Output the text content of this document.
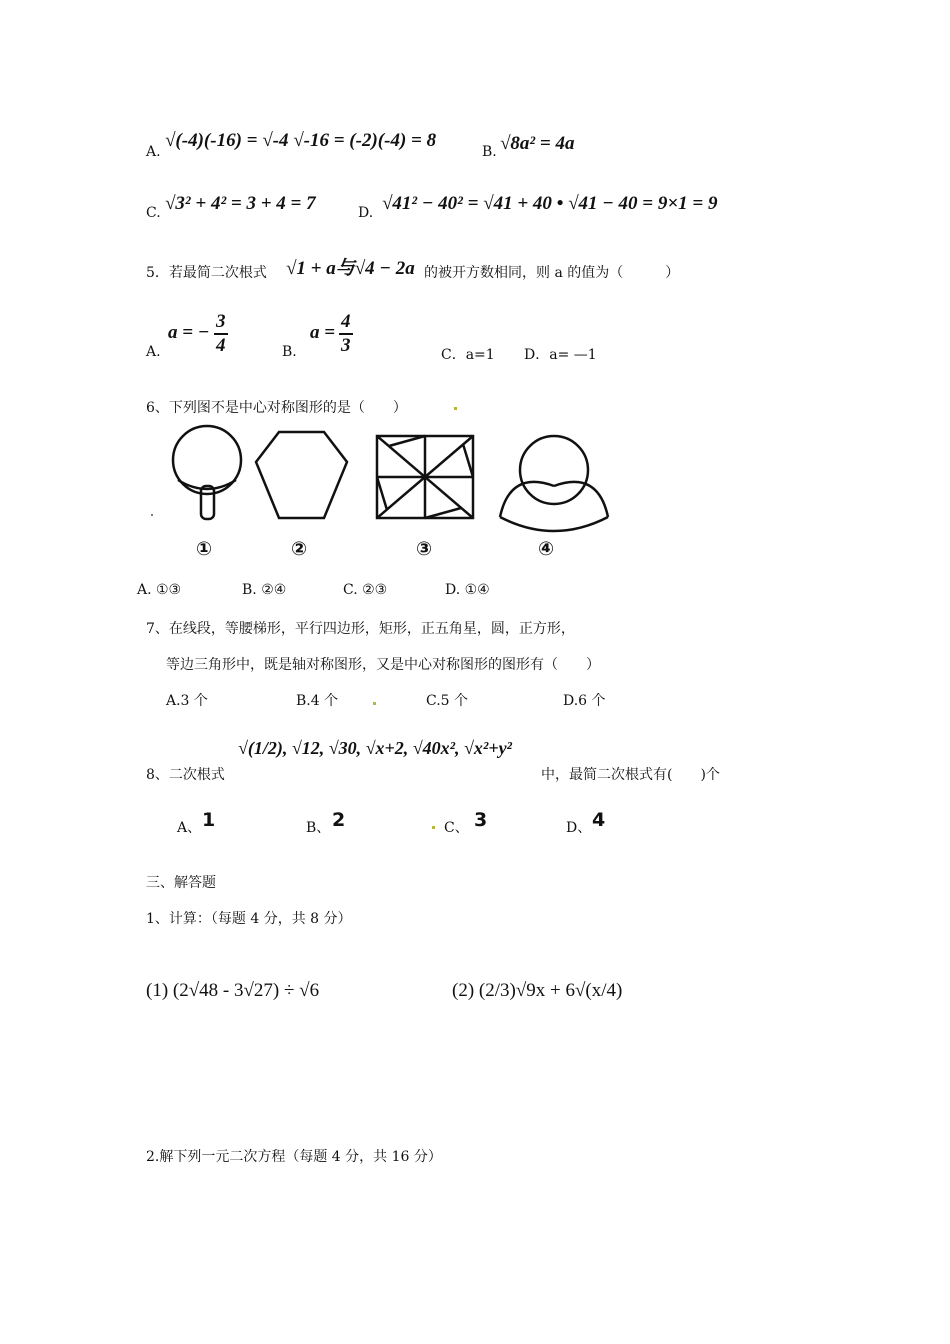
A.
√(-4)(-16) = √-4 √-16 = (-2)(-4) = 8
B. √8a² = 4a
C. √3² + 4² = 3 + 4 = 7	D. √41² − 40² = √41 + 40 • √41 − 40 = 9×1 = 9
5．若最简二次根式 √1 + a与√4 − 2a 的被开方数相同，则 a 的值为（　　　）
A.
a = −
3
4	B.
a =
4
3	C．a=1 D．a= —1
6、下列图不是中心对称图形的是（　　）
①	②	③	④
A. ①③	B. ②④	C. ②③	D. ①④
7、在线段，等腰梯形，平行四边形，矩形，正五角星，圆，正方形，
等边三角形中，既是轴对称图形，又是中心对称图形的图形有（　　）
A.3 个	B.4 个	C.5 个	D.6 个
8、二次根式
√(1/2), √12, √30, √x+2, √40x², √x²+y²
中，最简二次根式有(　　)个
A、 1	B、 2	C、 3	D、 4
三、解答题
1、计算：（每题 4 分，共 8 分）
(1) (2√48 - 3√27) ÷ √6	(2) (2/3)√9x + 6√(x/4)
2.解下列一元二次方程（每题 4 分，共 16 分）
